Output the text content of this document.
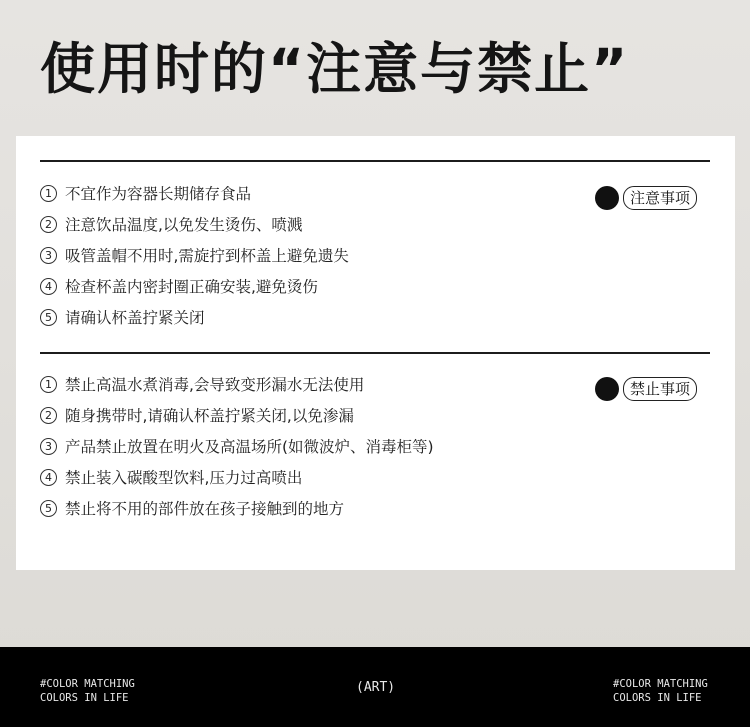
使用时的“注意与禁止”
1 不宜作为容器长期储存食品
2 注意饮品温度,以免发生烫伤、喷溅
3 吸管盖帽不用时,需旋拧到杯盖上避免遗失
4 检查杯盖内密封圈正确安装,避免烫伤
5 请确认杯盖拧紧关闭
注意事项
1 禁止高温水煮消毒,会导致变形漏水无法使用
2 随身携带时,请确认杯盖拧紧关闭,以免渗漏
3 产品禁止放置在明火及高温场所(如微波炉、消毒柜等)
4 禁止装入碳酸型饮料,压力过高喷出
5 禁止将不用的部件放在孩子接触到的地方
禁止事项
#COLOR MATCHING
COLORS IN LIFE
(ART)	#COLOR MATCHING
COLORS IN LIFE
